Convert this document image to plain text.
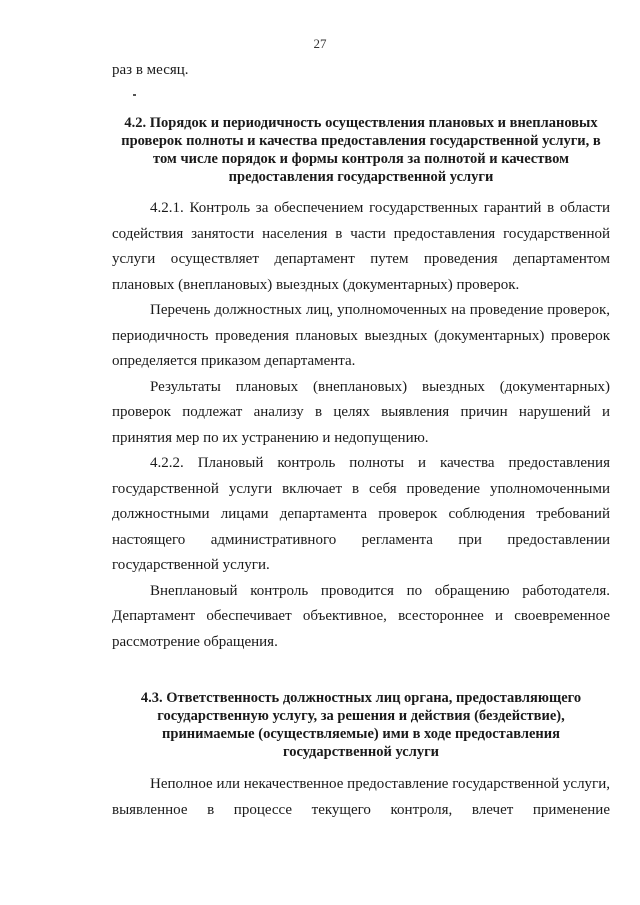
27

раз в месяц.

4.2. Порядок и периодичность осуществления плановых и внеплановых проверок полноты и качества предоставления государственной услуги, в том числе порядок и формы контроля за полнотой и качеством предоставления государственной услуги

4.2.1. Контроль за обеспечением государственных гарантий в области содействия занятости населения в части предоставления государственной услуги осуществляет департамент путем проведения департаментом плановых (внеплановых) выездных (документарных) проверок.

Перечень должностных лиц, уполномоченных на проведение проверок, периодичность проведения плановых выездных (документарных) проверок определяется приказом департамента.

Результаты плановых (внеплановых) выездных (документарных) проверок подлежат анализу в целях выявления причин нарушений и принятия мер по их устранению и недопущению.

4.2.2. Плановый контроль полноты и качества предоставления государственной услуги включает в себя проведение уполномоченными должностными лицами департамента проверок соблюдения требований настоящего административного регламента при предоставлении государственной услуги.

Внеплановый контроль проводится по обращению работодателя. Департамент обеспечивает объективное, всестороннее и своевременное рассмотрение обращения.

4.3. Ответственность должностных лиц органа, предоставляющего государственную услугу, за решения и действия (бездействие), принимаемые (осуществляемые) ими в ходе предоставления государственной услуги

Неполное или некачественное предоставление государственной услуги, выявленное в процессе текущего контроля, влечет применение
